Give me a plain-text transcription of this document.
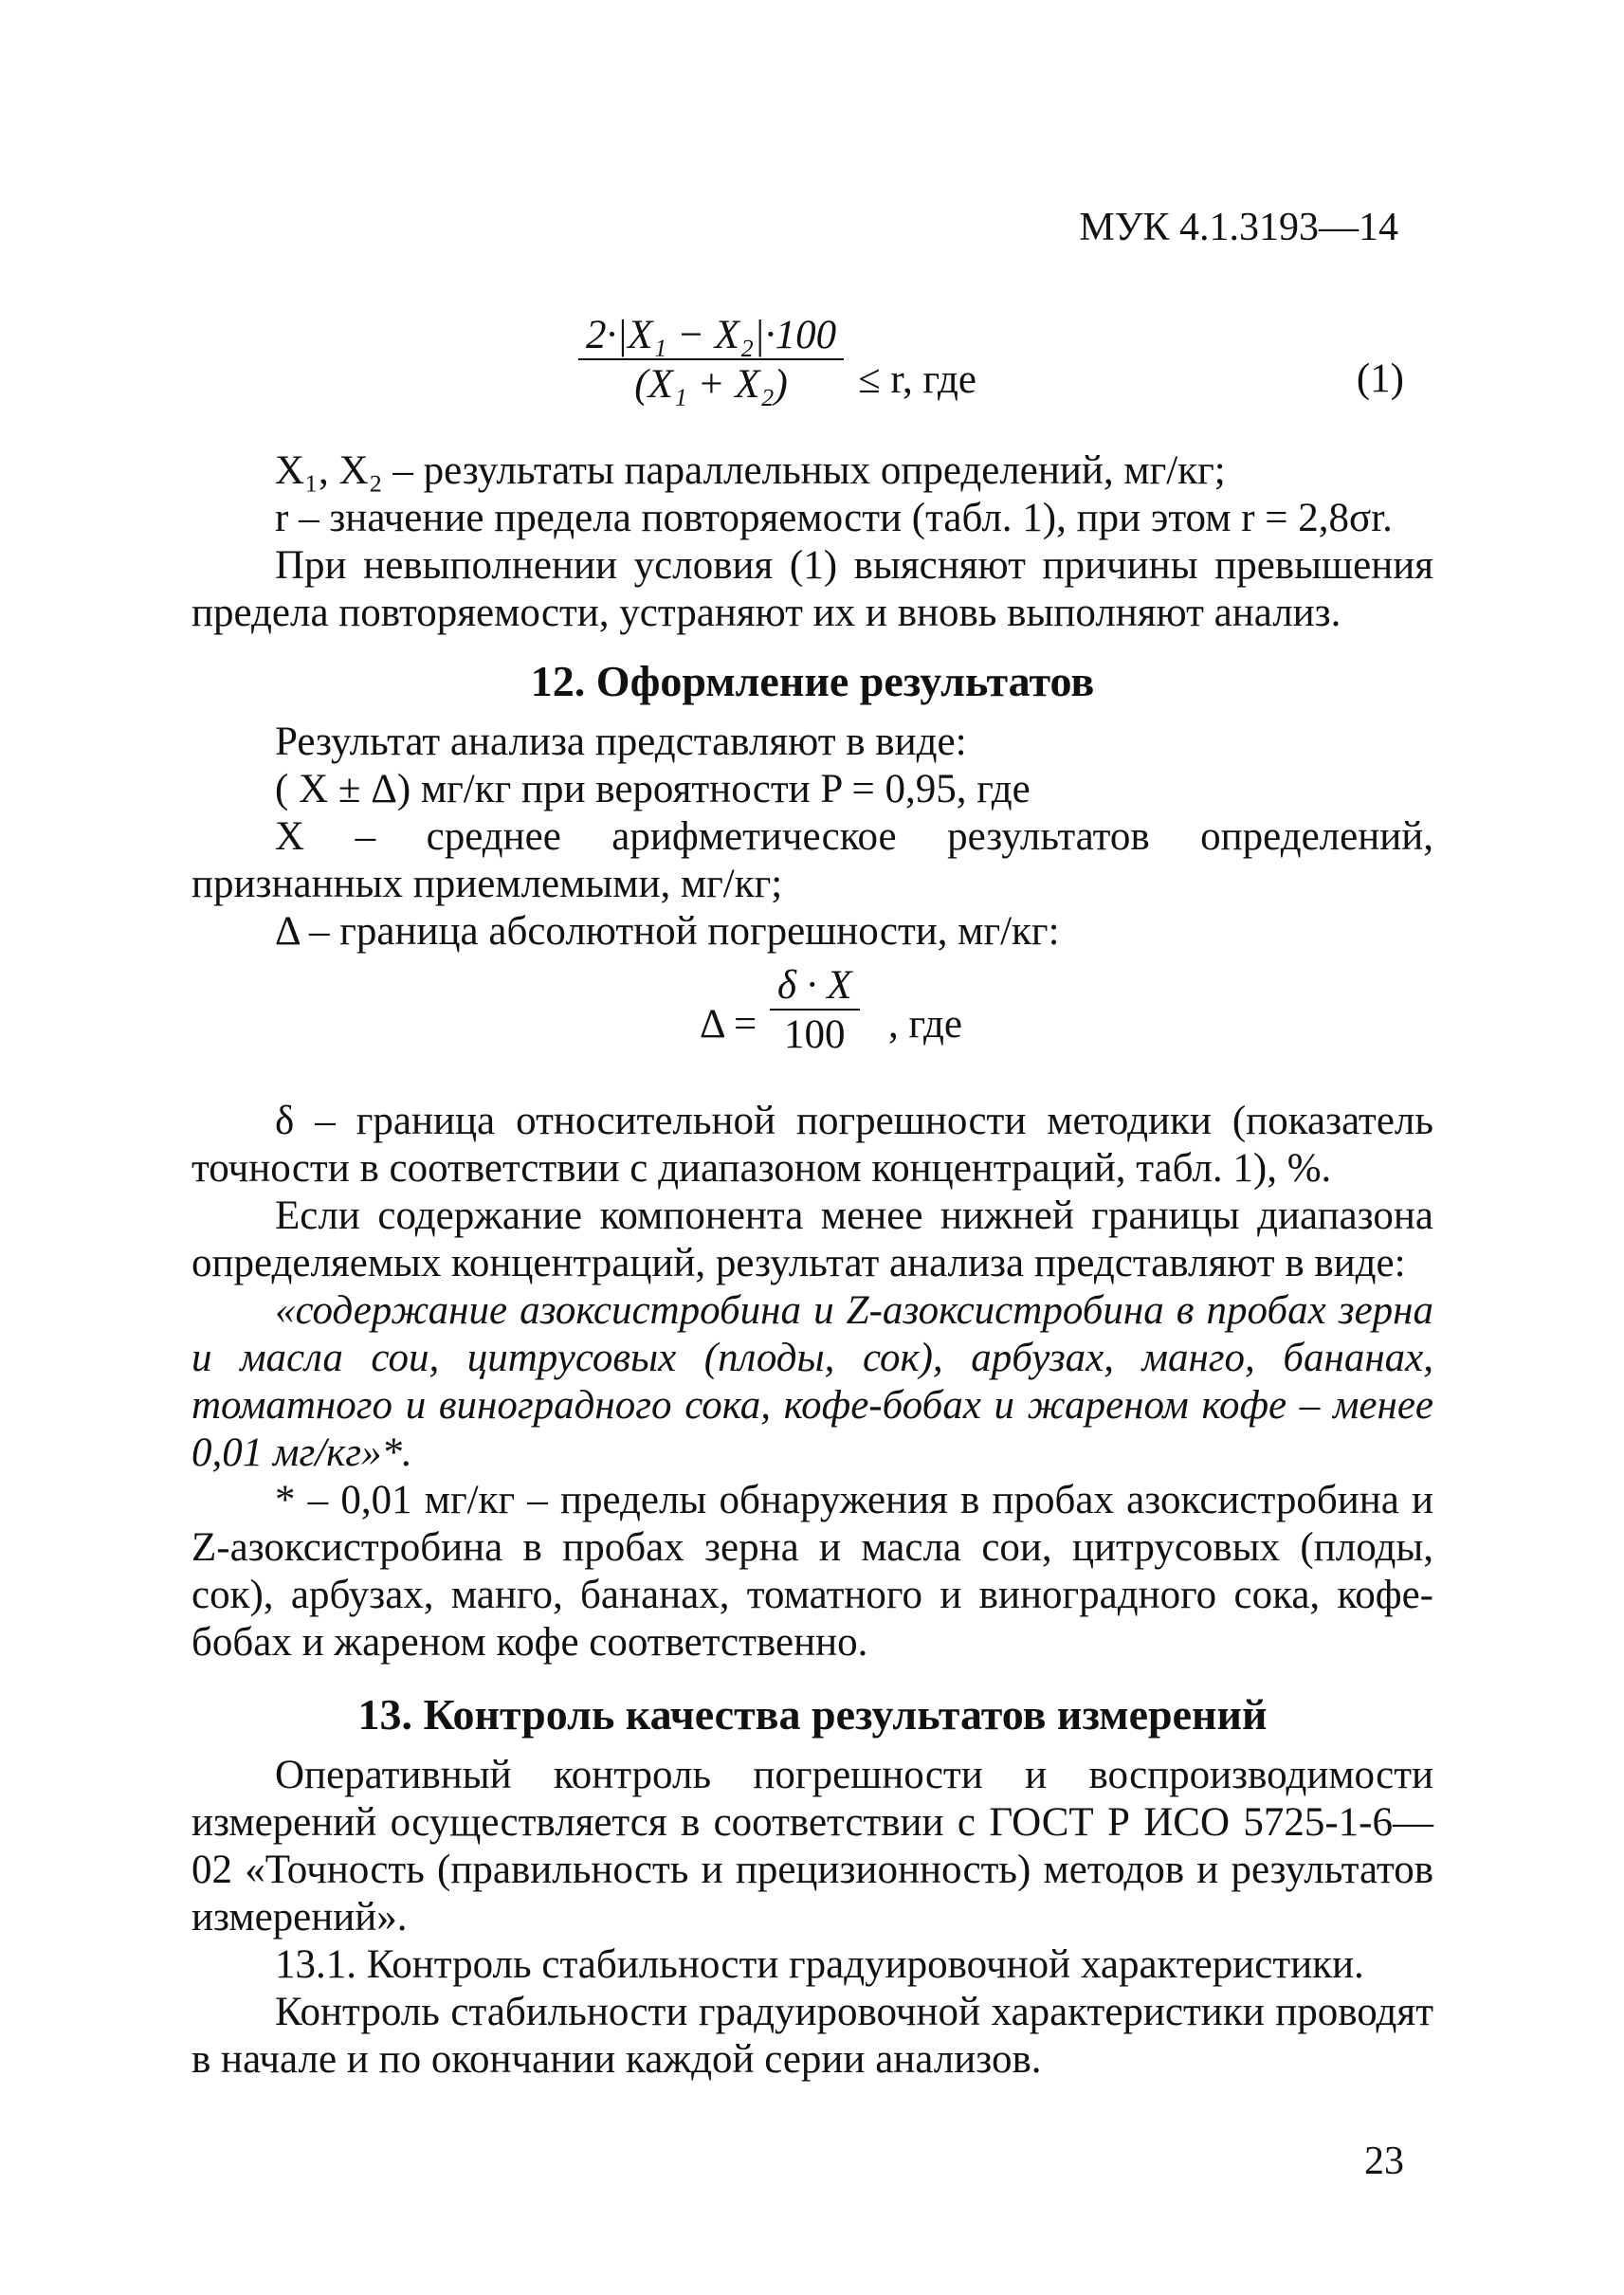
МУК 4.1.3193—14
2·|X₁ − X₂|·100
(X₁ + X₂) ≤ r, где	(1)

X₁, X₂ – результаты параллельных определений, мг/кг;

r – значение предела повторяемости (табл. 1), при этом r = 2,8σr.

При невыполнении условия (1) выясняют причины превышения предела повторяемости, устраняют их и вновь выполняют анализ.

12. Оформление результатов

Результат анализа представляют в виде:

( X ± Δ) мг/кг при вероятности P = 0,95, где

X – среднее арифметическое результатов определений, признанных приемлемыми, мг/кг;

Δ – граница абсолютной погрешности, мг/кг:

Δ =
δ · X
100 , где

δ – граница относительной погрешности методики (показатель точности в соответствии с диапазоном концентраций, табл. 1), %.

Если содержание компонента менее нижней границы диапазона определяемых концентраций, результат анализа представляют в виде:

«содержание азоксистробина и Z-азоксистробина в пробах зерна и масла сои, цитрусовых (плоды, сок), арбузах, манго, бананах, томатного и виноградного сока, кофе-бобах и жареном кофе – менее 0,01 мг/кг»*.

* – 0,01 мг/кг – пределы обнаружения в пробах азоксистробина и Z-азоксистробина в пробах зерна и масла сои, цитрусовых (плоды, сок), арбузах, манго, бананах, томатного и виноградного сока, кофе-бобах и жареном кофе соответственно.

13. Контроль качества результатов измерений

Оперативный контроль погрешности и воспроизводимости измерений осуществляется в соответствии с ГОСТ Р ИСО 5725-1-6—02 «Точность (правильность и прецизионность) методов и результатов измерений».

13.1. Контроль стабильности градуировочной характеристики.

Контроль стабильности градуировочной характеристики проводят в начале и по окончании каждой серии анализов.

23
